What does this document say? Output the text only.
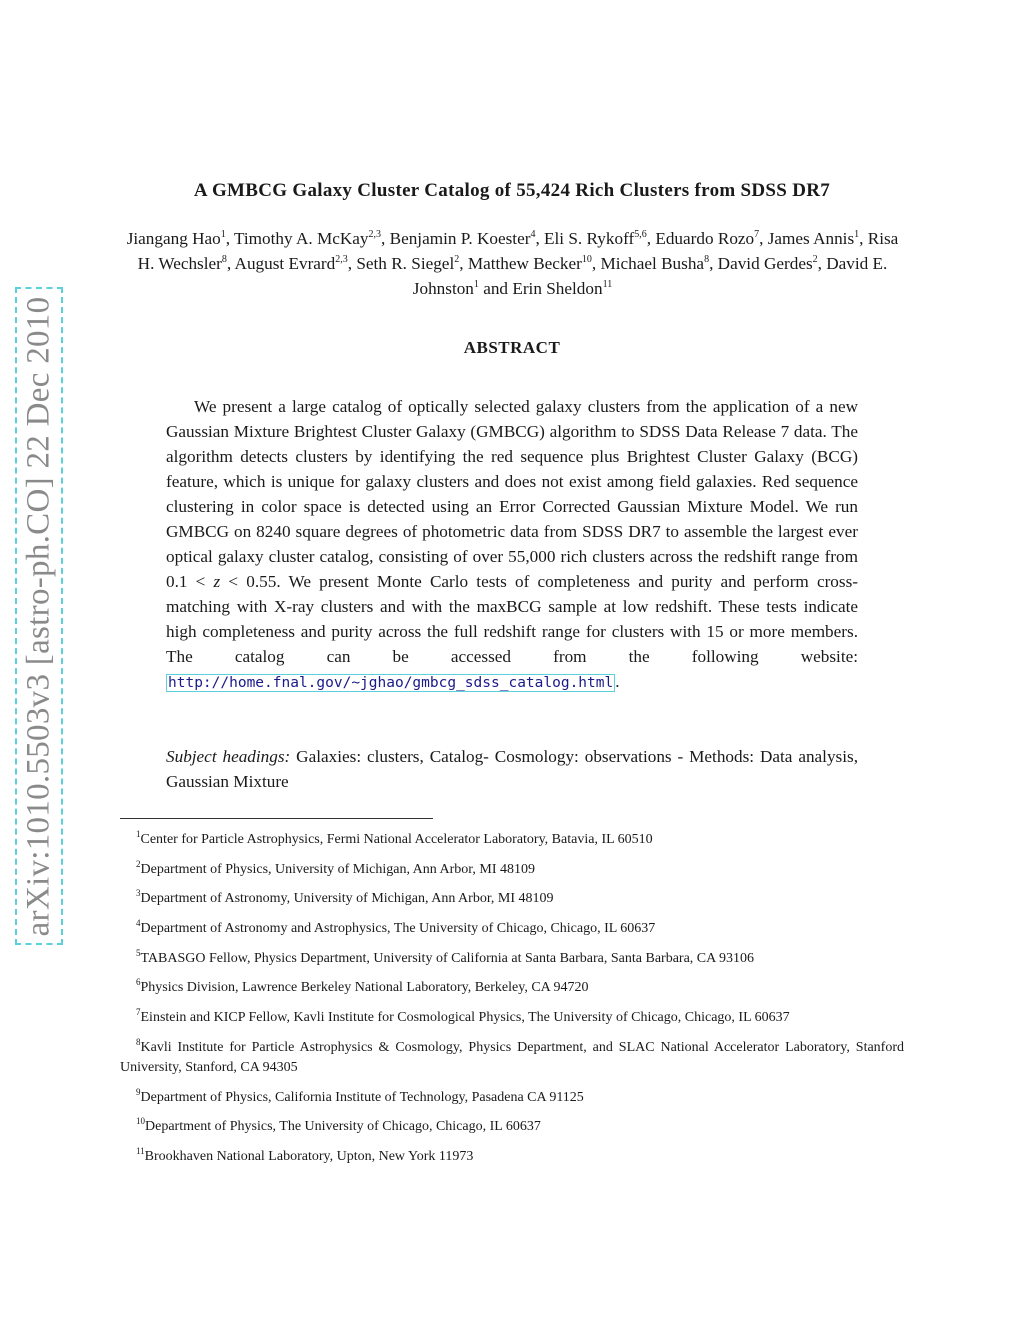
arXiv:1010.5503v3 [astro-ph.CO] 22 Dec 2010
A GMBCG Galaxy Cluster Catalog of 55,424 Rich Clusters from SDSS DR7
Jiangang Hao$^1$, Timothy A. McKay$^{2,3}$, Benjamin P. Koester$^4$, Eli S. Rykoff$^{5,6}$, Eduardo Rozo$^7$, James Annis$^1$, Risa H. Wechsler$^8$, August Evrard$^{2,3}$, Seth R. Siegel$^2$, Matthew Becker$^{10}$, Michael Busha$^8$, David Gerdes$^2$, David E. Johnston$^1$ and Erin Sheldon$^{11}$
ABSTRACT

We present a large catalog of optically selected galaxy clusters from the application of a new Gaussian Mixture Brightest Cluster Galaxy (GMBCG) algorithm to SDSS Data Release 7 data. The algorithm detects clusters by identifying the red sequence plus Brightest Cluster Galaxy (BCG) feature, which is unique for galaxy clusters and does not exist among field galaxies. Red sequence clustering in color space is detected using an Error Corrected Gaussian Mixture Model. We run GMBCG on 8240 square degrees of photometric data from SDSS DR7 to assemble the largest ever optical galaxy cluster catalog, consisting of over 55,000 rich clusters across the redshift range from 0.1 < z < 0.55. We present Monte Carlo tests of completeness and purity and perform cross-matching with X-ray clusters and with the maxBCG sample at low redshift. These tests indicate high completeness and purity across the full redshift range for clusters with 15 or more members. The catalog can be accessed from the following website: http://home.fnal.gov/~jghao/gmbcg_sdss_catalog.html .

Subject headings: Galaxies: clusters, Catalog- Cosmology: observations - Methods: Data analysis, Gaussian Mixture

$^1$Center for Particle Astrophysics, Fermi National Accelerator Laboratory, Batavia, IL 60510

$^2$Department of Physics, University of Michigan, Ann Arbor, MI 48109

$^3$Department of Astronomy, University of Michigan, Ann Arbor, MI 48109

$^4$Department of Astronomy and Astrophysics, The University of Chicago, Chicago, IL 60637

$^5$TABASGO Fellow, Physics Department, University of California at Santa Barbara, Santa Barbara, CA 93106

$^6$Physics Division, Lawrence Berkeley National Laboratory, Berkeley, CA 94720

$^7$Einstein and KICP Fellow, Kavli Institute for Cosmological Physics, The University of Chicago, Chicago, IL 60637

$^8$Kavli Institute for Particle Astrophysics & Cosmology, Physics Department, and SLAC National Accelerator Laboratory, Stanford University, Stanford, CA 94305

$^9$Department of Physics, California Institute of Technology, Pasadena CA 91125

$^{10}$Department of Physics, The University of Chicago, Chicago, IL 60637

$^{11}$Brookhaven National Laboratory, Upton, New York 11973
